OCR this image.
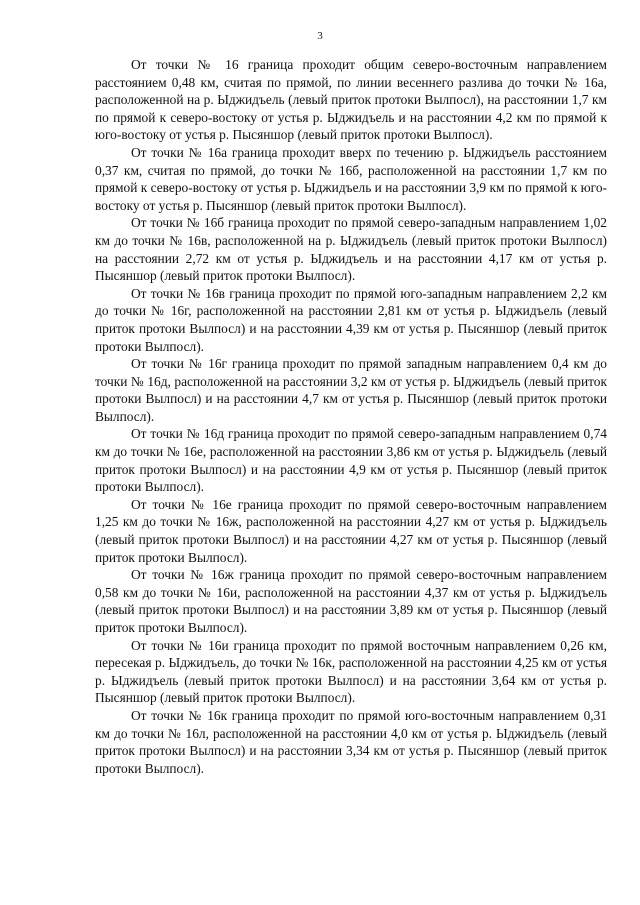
3

От точки № 16 граница проходит общим северо-восточным направлением расстоянием 0,48 км, считая по прямой, по линии весеннего разлива до точки № 16а, расположенной на р. Ыджидъель (левый приток протоки Вылпосл), на расстоянии 1,7 км по прямой к северо-востоку от устья р. Ыджидъель и на расстоянии 4,2 км по прямой к юго-востоку от устья р. Пысяншор (левый приток протоки Вылпосл).

От точки № 16а граница проходит вверх по течению р. Ыджидъель расстоянием 0,37 км, считая по прямой, до точки № 16б, расположенной на расстоянии 1,7 км по прямой к северо-востоку от устья р. Ыджидъель и на расстоянии 3,9 км по прямой к юго-востоку от устья р. Пысяншор (левый приток протоки Вылпосл).

От точки № 16б граница проходит по прямой северо-западным направлением 1,02 км до точки № 16в, расположенной на р. Ыджидъель (левый приток протоки Вылпосл) на расстоянии 2,72 км от устья р. Ыджидъель и на расстоянии 4,17 км от устья р. Пысяншор (левый приток протоки Вылпосл).

От точки № 16в граница проходит по прямой юго-западным направлением 2,2 км до точки № 16г, расположенной на расстоянии 2,81 км от устья р. Ыджидъель (левый приток протоки Вылпосл) и на расстоянии 4,39 км от устья р. Пысяншор (левый приток протоки Вылпосл).

От точки № 16г граница проходит по прямой западным направлением 0,4 км до точки № 16д, расположенной на расстоянии 3,2 км от устья р. Ыджидъель (левый приток протоки Вылпосл) и на расстоянии 4,7 км от устья р. Пысяншор (левый приток протоки Вылпосл).

От точки № 16д граница проходит по прямой северо-западным направлением 0,74 км до точки № 16е, расположенной на расстоянии 3,86 км от устья р. Ыджидъель (левый приток протоки Вылпосл) и на расстоянии 4,9 км от устья р. Пысяншор (левый приток протоки Вылпосл).

От точки № 16е граница проходит по прямой северо-восточным направлением 1,25 км до точки № 16ж, расположенной на расстоянии 4,27 км от устья р. Ыджидъель (левый приток протоки Вылпосл) и на расстоянии 4,27 км от устья р. Пысяншор (левый приток протоки Вылпосл).

От точки № 16ж граница проходит по прямой северо-восточным направлением 0,58 км до точки № 16и, расположенной на расстоянии 4,37 км от устья р. Ыджидъель (левый приток протоки Вылпосл) и на расстоянии 3,89 км от устья р. Пысяншор (левый приток протоки Вылпосл).

От точки № 16и граница проходит по прямой восточным направлением 0,26 км, пересекая р. Ыджидъель, до точки № 16к, расположенной на расстоянии 4,25 км от устья р. Ыджидъель (левый приток протоки Вылпосл) и на расстоянии 3,64 км от устья р. Пысяншор (левый приток протоки Вылпосл).

От точки № 16к граница проходит по прямой юго-восточным направлением 0,31 км до точки № 16л, расположенной на расстоянии 4,0 км от устья р. Ыджидъель (левый приток протоки Вылпосл) и на расстоянии 3,34 км от устья р. Пысяншор (левый приток протоки Вылпосл).
